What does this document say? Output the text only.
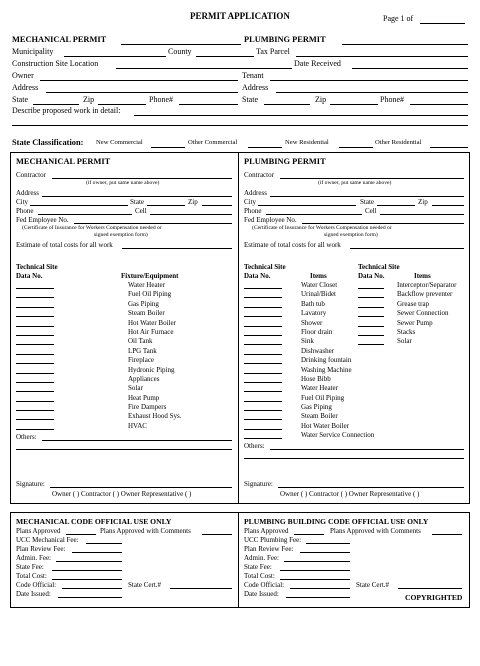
PERMIT APPLICATION	Page 1 of
MECHANICAL PERMIT	PLUMBING PERMIT
Municipality	County	Tax Parcel
Construction Site Location	Date Received
Owner	Tenant
Address	Address
State	Zip	Phone#	State	Zip	Phone#
Describe proposed work in detail:
State Classification: New Commercial	Other Commercial	New Residential	Other Residential
MECHANICAL PERMIT
Contractor
(if owner, put same name above)
Address
City	State	Zip
Phone	Cell
Fed Employee No.
(Certificate of Insurance for Workers Compensation needed or
signed exemption form)
Estimate of total costs for all work
Technical Site
Data No.	Fixture/Equipment
Water Heater
Fuel Oil Piping
Gas Piping
Steam Boiler
Hot Water Boiler
Hot Air Furnace
Oil Tank
LPG Tank
Fireplace
Hydronic Piping
Appliances
Solar
Heat Pump
Fire Dampers
Exhaust Hood Sys.
HVAC
Others:
Signature:
Owner ( ) Contractor ( ) Owner Representative ( )
PLUMBING PERMIT
Contractor
(if owner, put same name above)
Address
City	State	Zip
Phone	Cell
Fed Employee No.
(Certificate of Insurance for Workers Compensation needed or
signed exemption form)
Estimate of total costs for all work
Technical Site
Data No.	Items
Technical Site
Data No.	Items
Water Closet
Urinal/Bidet
Bath tub
Lavatory
Shower
Floor drain
Sink
Dishwasher
Drinking fountain
Washing Machine
Hose Bibb
Water Heater
Fuel Oil Piping
Gas Piping
Steam Boiler
Hot Water Boiler
Water Service Connection
Interceptor/Separator
Backflow preventer
Grease trap
Sewer Connection
Sewer Pump
Stacks
Solar
Others:
Signature:
Owner ( ) Contractor ( ) Owner Representative ( )
MECHANICAL CODE OFFICIAL USE ONLY
Plans Approved	Plans Approved with Comments
UCC Mechanical Fee:
Plan Review Fee:
Admin. Fee:
State Fee:
Total Cost:
Code Official:	State Cert.#
Date Issued:
PLUMBING BUILDING CODE OFFICIAL USE ONLY
Plans Approved	Plans Approved with Comments
UCC Plumbing Fee:
Plan Review Fee:
Admin. Fee:
State Fee:
Total Cost:
Code Official:	State Cert.#
Date Issued:	COPYRIGHTED
